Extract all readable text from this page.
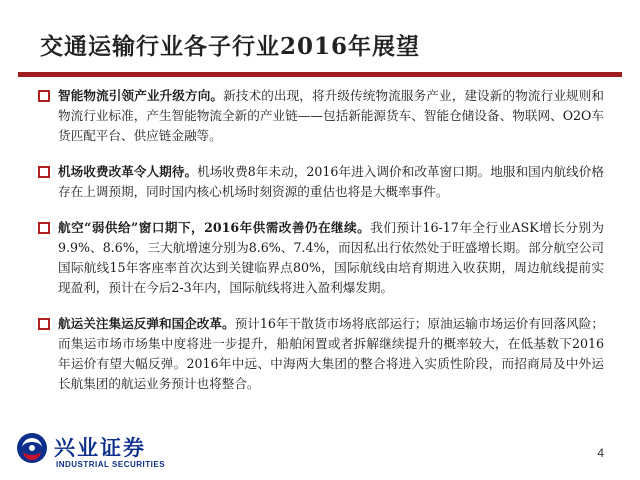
交通运输行业各子行业2016年展望

智能物流引领产业升级方向。新技术的出现，将升级传统物流服务产业，建设新的物流行业规则和物流行业标准，产生智能物流全新的产业链——包括新能源货车、智能仓储设备、物联网、O2O车货匹配平台、供应链金融等。

机场收费改革令人期待。机场收费8年未动，2016年进入调价和改革窗口期。地服和国内航线价格存在上调预期，同时国内核心机场时刻资源的重估也将是大概率事件。

航空“弱供给”窗口期下，2016年供需改善仍在继续。我们预计16-17年全行业ASK增长分别为9.9%、8.6%，三大航增速分别为8.6%、7.4%，而因私出行依然处于旺盛增长期。部分航空公司国际航线15年客座率首次达到关键临界点80%，国际航线由培育期进入收获期，周边航线提前实现盈利，预计在今后2-3年内，国际航线将进入盈利爆发期。

航运关注集运反弹和国企改革。预计16年干散货市场将底部运行；原油运输市场运价有回落风险；而集运市场市场集中度将进一步提升，船舶闲置或者拆解继续提升的概率较大，在低基数下2016年运价有望大幅反弹。2016年中远、中海两大集团的整合将进入实质性阶段，而招商局及中外运长航集团的航运业务预计也将整合。

兴业证券
INDUSTRIAL SECURITIES
4
